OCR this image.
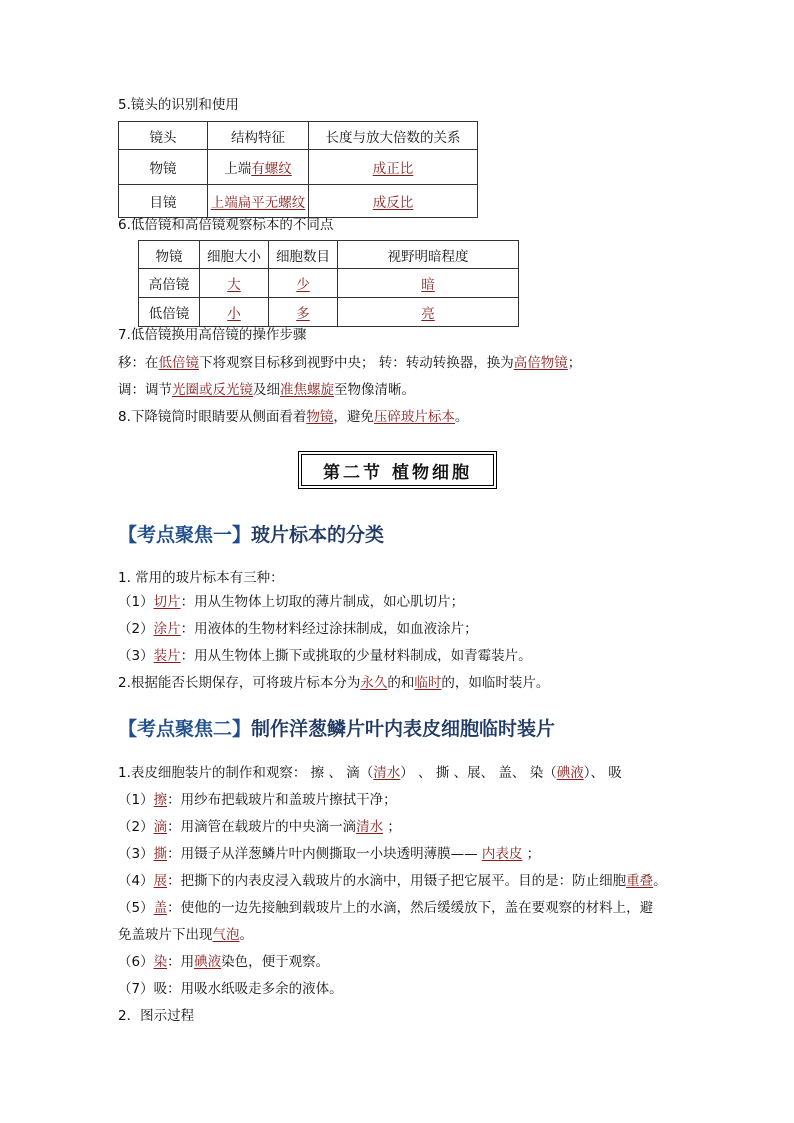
5.镜头的识别和使用
镜头	结构特征	长度与放大倍数的关系
物镜	上端有螺纹	成正比
目镜	上端扁平无螺纹	成反比
6.低倍镜和高倍镜观察标本的不同点
物镜	细胞大小	细胞数目	视野明暗程度
高倍镜	大	少	暗
低倍镜	小	多	亮
7.低倍镜换用高倍镜的操作步骤
移：在低倍镜下将观察目标移到视野中央； 转：转动转换器，换为高倍物镜；
调：调节光圈或反光镜及细准焦螺旋至物像清晰。
8.下降镜筒时眼睛要从侧面看着物镜，避免压碎玻片标本。
第二节 植物细胞
【考点聚焦一】玻片标本的分类
1. 常用的玻片标本有三种：
（1）切片：用从生物体上切取的薄片制成，如心肌切片；
（2）涂片：用液体的生物材料经过涂抹制成，如血液涂片；
（3）装片：用从生物体上撕下或挑取的少量材料制成，如青霉装片。
2.根据能否长期保存，可将玻片标本分为永久的和临时的，如临时装片。
【考点聚焦二】制作洋葱鳞片叶内表皮细胞临时装片
1.表皮细胞装片的制作和观察： 擦 、 滴（清水） 、 撕 、展、 盖、 染（碘液）、 吸
（1）擦：用纱布把载玻片和盖玻片擦拭干净；
（2）滴：用滴管在载玻片的中央滴一滴清水 ；
（3）撕：用镊子从洋葱鳞片叶内侧撕取一小块透明薄膜—— 内表皮 ；
（4）展：把撕下的内表皮浸入载玻片的水滴中，用镊子把它展平。目的是：防止细胞重叠。
（5）盖：使他的一边先接触到载玻片上的水滴，然后缓缓放下，盖在要观察的材料上，避
免盖玻片下出现气泡。
（6）染：用碘液染色，便于观察。
（7）吸：用吸水纸吸走多余的液体。
2．图示过程
